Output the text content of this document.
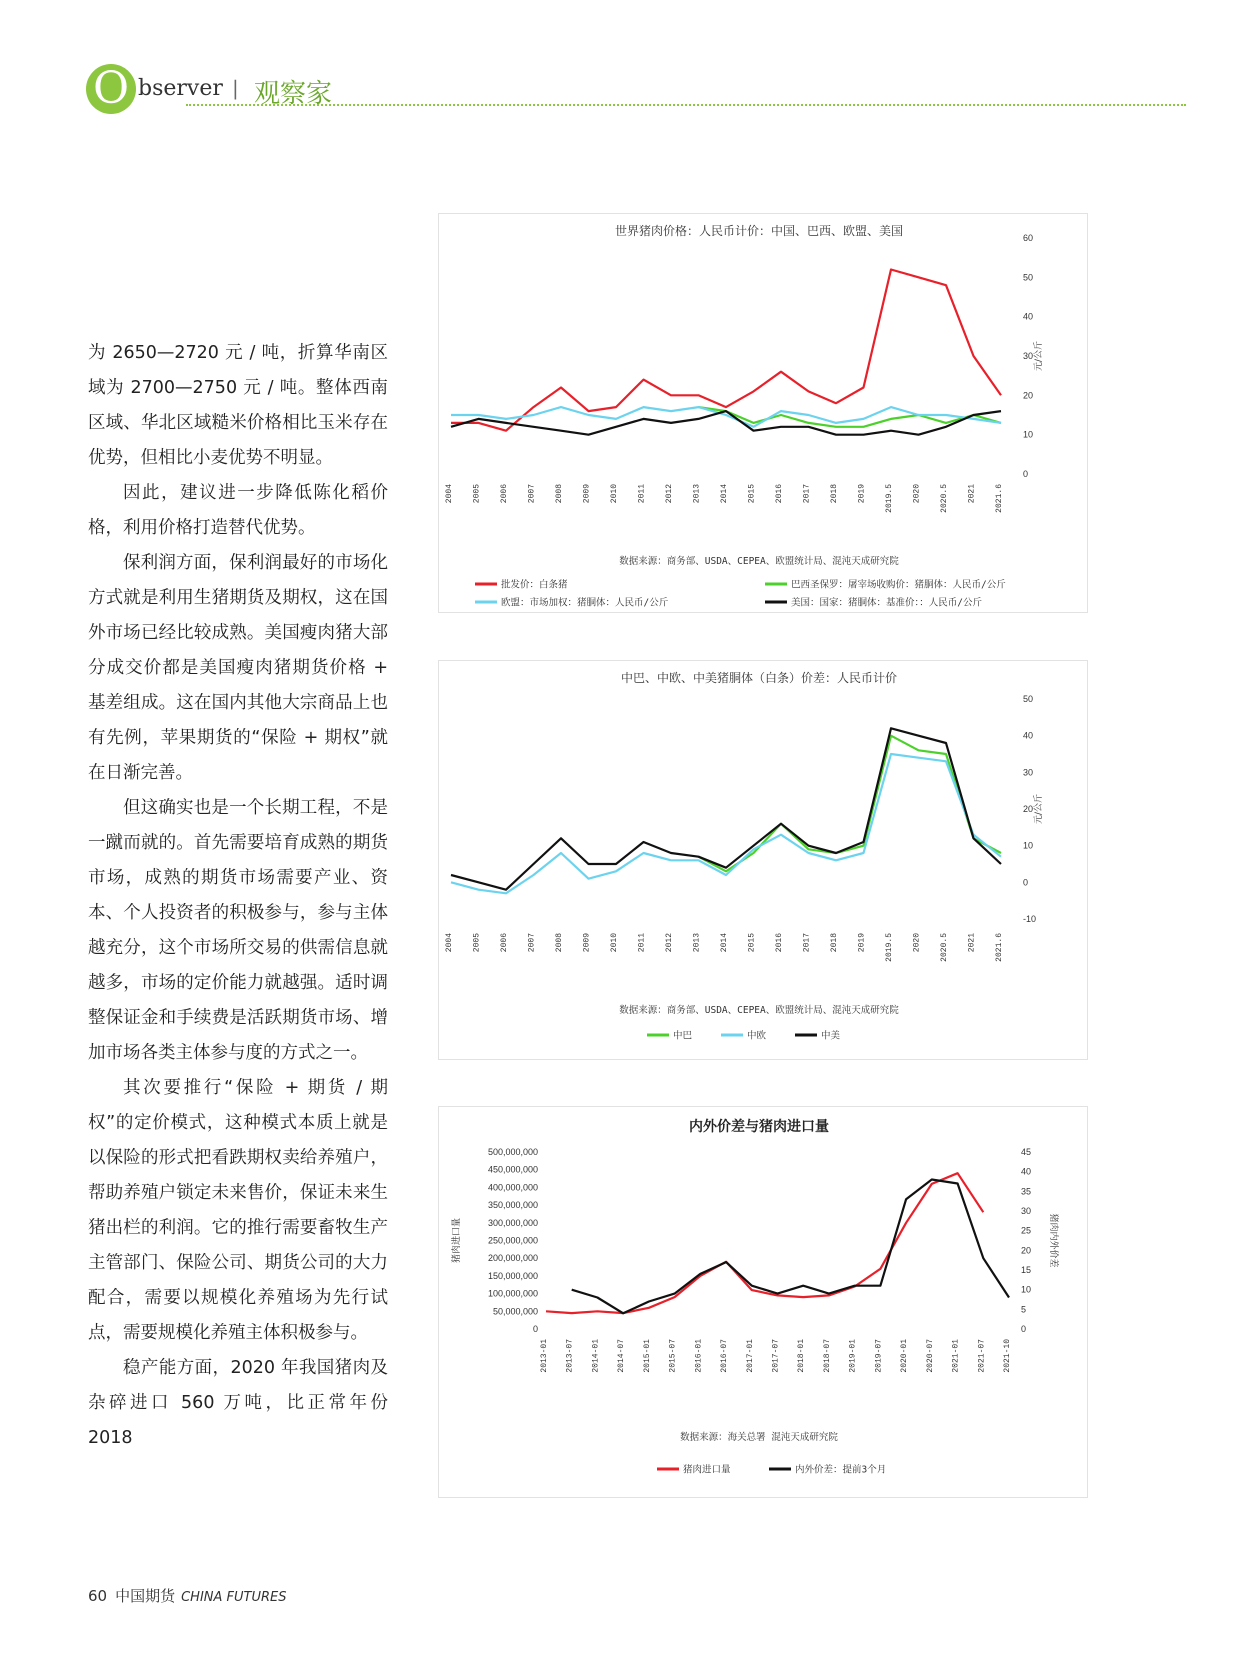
O bserver | 观察家

为 2650—2720 元 / 吨，折算华南区域为 2700—2750 元 / 吨。整体西南区域、华北区域糙米价格相比玉米存在优势，但相比小麦优势不明显。

因此，建议进一步降低陈化稻价格，利用价格打造替代优势。

保利润方面，保利润最好的市场化方式就是利用生猪期货及期权，这在国外市场已经比较成熟。美国瘦肉猪大部分成交价都是美国瘦肉猪期货价格 + 基差组成。这在国内其他大宗商品上也有先例，苹果期货的“保险 + 期权”就在日渐完善。

但这确实也是一个长期工程，不是一蹴而就的。首先需要培育成熟的期货市场，成熟的期货市场需要产业、资本、个人投资者的积极参与，参与主体越充分，这个市场所交易的供需信息就越多，市场的定价能力就越强。适时调整保证金和手续费是活跃期货市场、增加市场各类主体参与度的方式之一。

其次要推行“保险 + 期货 / 期权”的定价模式，这种模式本质上就是以保险的形式把看跌期权卖给养殖户，帮助养殖户锁定未来售价，保证未来生猪出栏的利润。它的推行需要畜牧生产主管部门、保险公司、期货公司的大力配合，需要以规模化养殖场为先行试点，需要规模化养殖主体积极参与。

稳产能方面，2020 年我国猪肉及杂碎进口 560 万吨，比正常年份 2018

世界猪肉价格：人民币计价：中国、巴西、欧盟、美国
0
10
20
30
40
50
60
元/公斤
2004 2005 2006 2007 2008 2009 2010 2011 2012 2013 2014 2015 2016 2017 2018 2019 2019.5 2020 2020.5 2021 2021.6
数据来源：商务部、USDA、CEPEA、欧盟统计局、混沌天成研究院
批发价：白条猪	巴西圣保罗：屠宰场收购价：猪胴体：人民币/公斤
欧盟：市场加权：猪胴体：人民币/公斤	美国：国家：猪胴体：基准价：：人民币/公斤
中巴、中欧、中美猪胴体（白条）价差：人民币计价
-10
0
10
20
30
40
50
元/公斤
2004 2005 2006 2007 2008 2009 2010 2011 2012 2013 2014 2015 2016 2017 2018 2019 2019.5 2020 2020.5 2021 2021.6
数据来源：商务部、USDA、CEPEA、欧盟统计局、混沌天成研究院
中巴	中欧	中美
内外价差与猪肉进口量
0
50,000,000
100,000,000
150,000,000
200,000,000
250,000,000
300,000,000
350,000,000
400,000,000
450,000,000
500,000,000
0
5
10
15
20
25
30
35
40
45
猪肉进口量	猪肉内外价差
2013-01 2013-07 2014-01 2014-07 2015-01 2015-07 2016-01 2016-07 2017-01 2017-07 2018-01 2018-07 2019-01 2019-07 2020-01 2020-07 2021-01 2021-07 2021-10
数据来源：海关总署 混沌天成研究院
猪肉进口量	内外价差：提前3个月
60 中国期货 CHINA FUTURES
